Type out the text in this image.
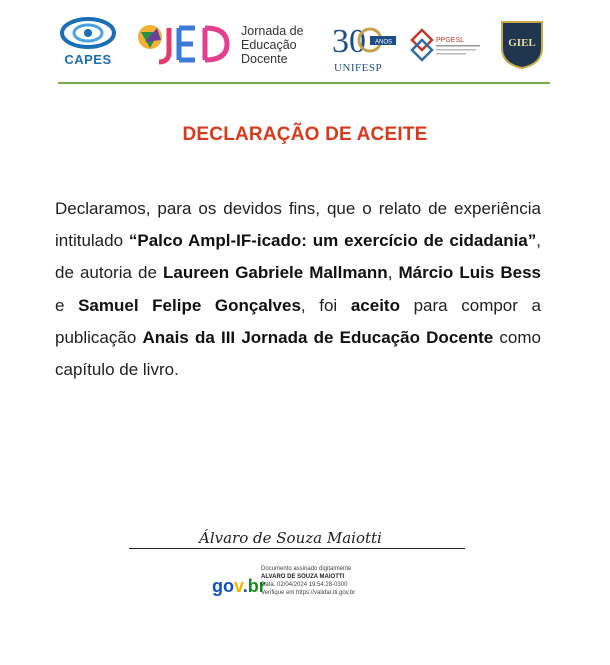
CAPES
Jornada de
Educação
Docente	30 ANOS
UNIFESP
PPGESL	GIEL
DECLARAÇÃO DE ACEITE
Declaramos, para os devidos fins, que o relato de experiência intitulado “Palco Ampl-IF-icado: um exercício de cidadania”, de autoria de Laureen Gabriele Mallmann, Márcio Luis Bess e Samuel Felipe Gonçalves, foi aceito para compor a publicação Anais da III Jornada de Educação Docente como capítulo de livro.
Álvaro de Souza Maiotti
gov.br
Documento assinado digitalmente
ALVARO DE SOUZA MAIOTTI
Data: 02/04/2024 19:54:28-0300
Verifique em https://validar.iti.gov.br
